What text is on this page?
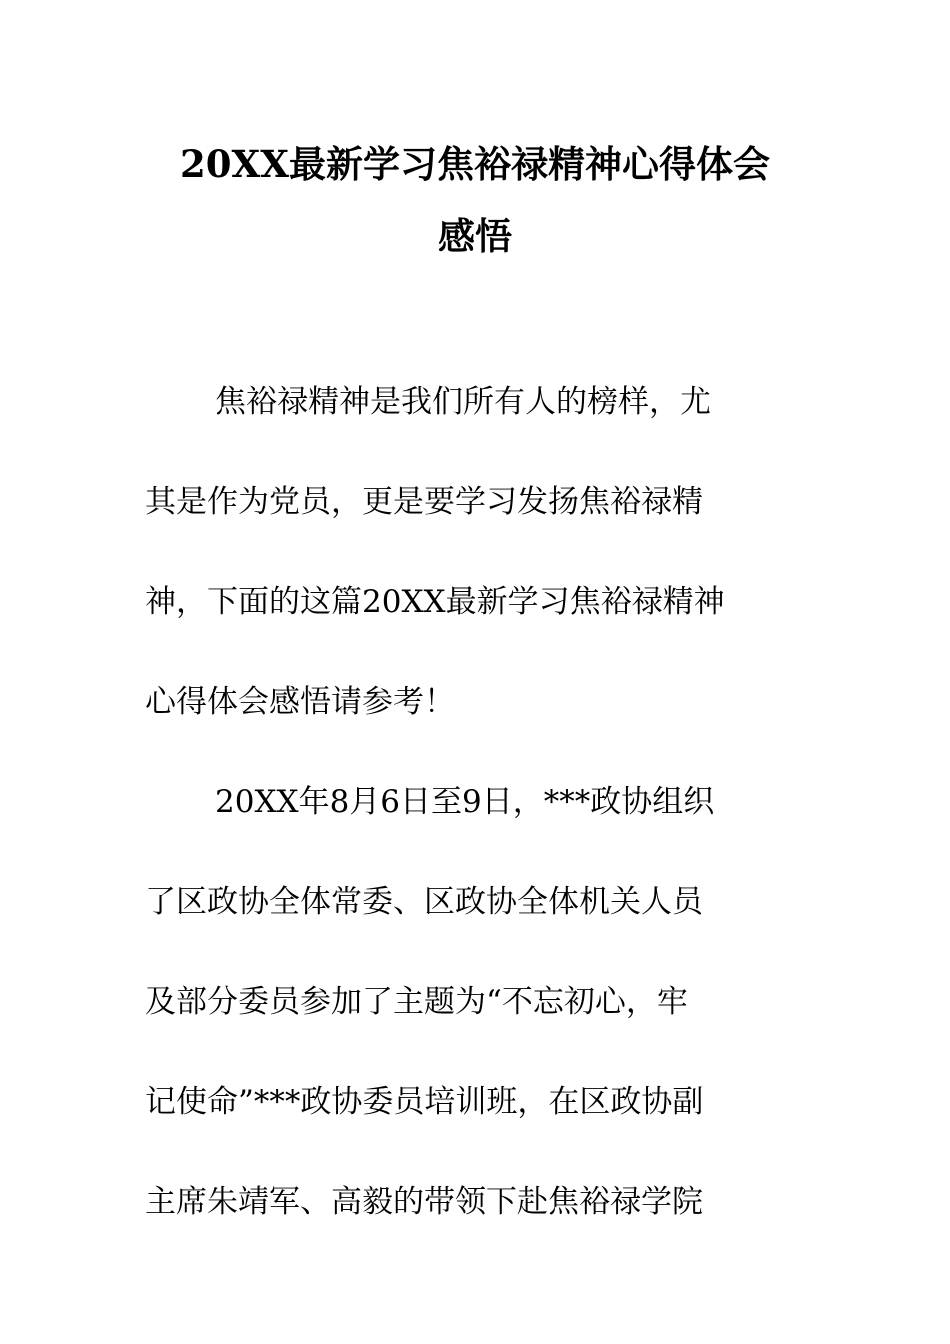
20XX最新学习焦裕禄精神心得体会
感悟
焦裕禄精神是我们所有人的榜样，尤
其是作为党员，更是要学习发扬焦裕禄精
神，下面的这篇20XX最新学习焦裕禄精神
心得体会感悟请参考！
20XX年8月6日至9日，***政协组织
了区政协全体常委、区政协全体机关人员
及部分委员参加了主题为“不忘初心，牢
记使命”***政协委员培训班，在区政协副
主席朱靖军、高毅的带领下赴焦裕禄学院
